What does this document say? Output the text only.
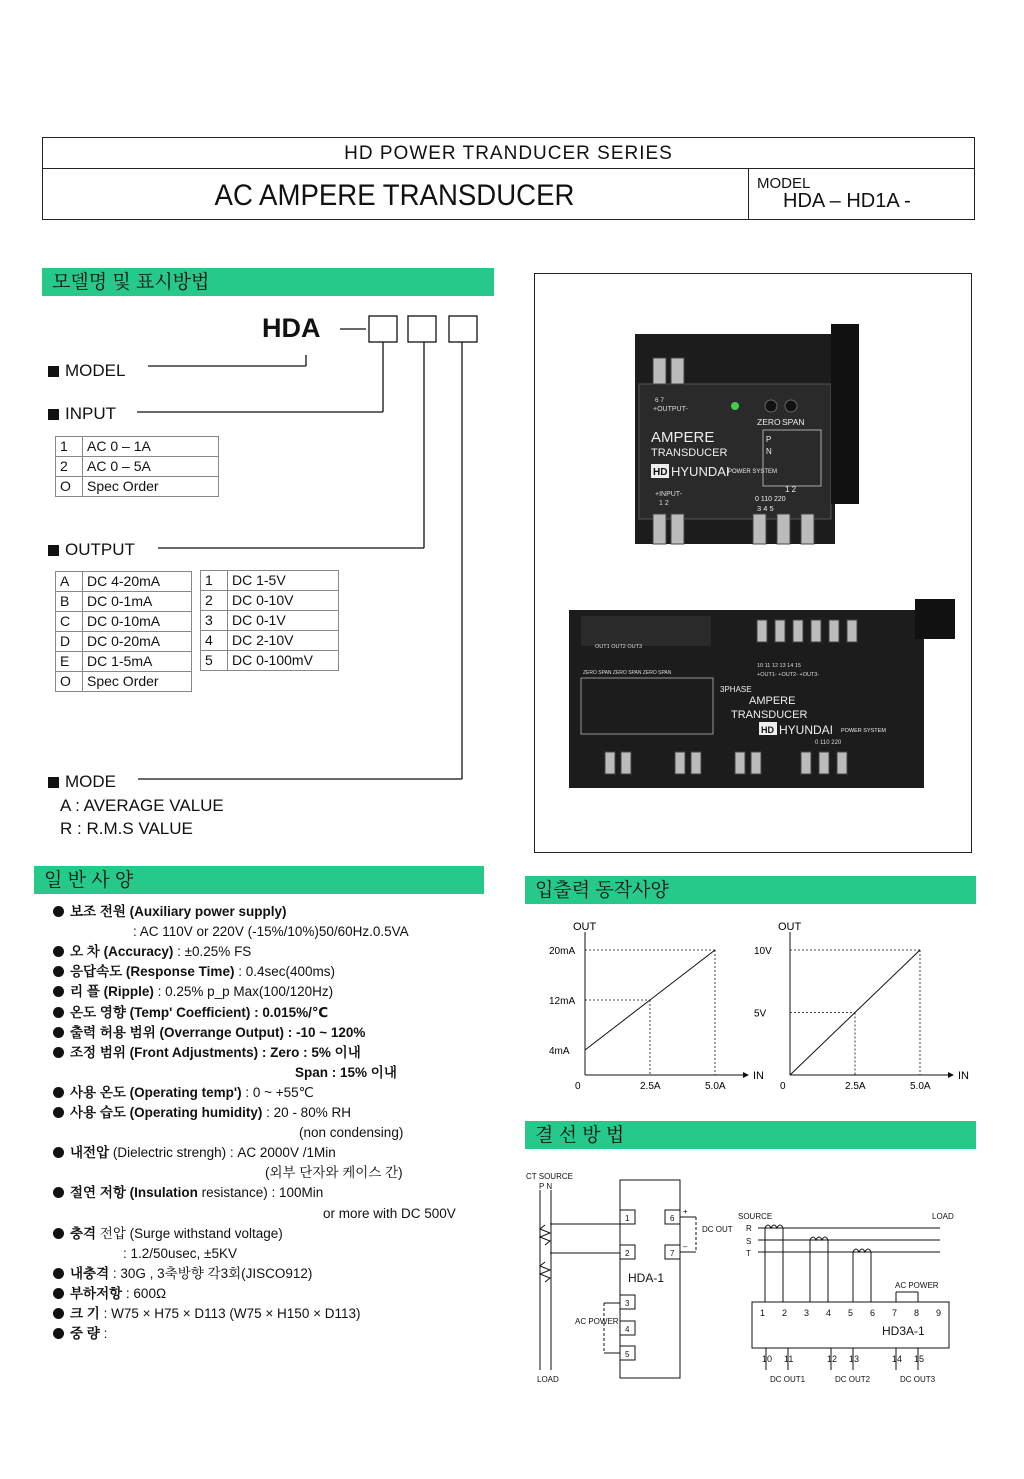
HD POWER TRANDUCER SERIES
AC AMPERE TRANSDUCER	MODEL
HDA – HD1A -
모델명 및 표시방법
HDA
MODEL
INPUT
1	AC 0 – 1A
2	AC 0 – 5A
O	Spec Order
OUTPUT
A	DC 4-20mA
B	DC 0-1mA
C	DC 0-10mA
D	DC 0-20mA
E	DC 1-5mA
O	Spec Order
1	DC 1-5V
2	DC 0-10V
3	DC 0-1V
4	DC 2-10V
5	DC 0-100mV
MODE
A : AVERAGE VALUE
R : R.M.S VALUE
6 7
+OUTPUT-
ZERO SPAN
AMPERE
TRANSDUCER
HD HYUNDAI
POWER SYSTEM
+INPUT-
1 2
P
N
1 2
0 110 220
3 4 5
OUT1 OUT2 OUT3
ZERO SPAN ZERO SPAN ZERO SPAN
3PHASE
AMPERE
TRANSDUCER
HD HYUNDAI POWER SYSTEM
10 11 12 13 14 15
+OUT1- +OUT2- +OUT3-
0 110 220
일 반 사 양
보조 전원 (Auxiliary power supply)
: AC 110V or 220V (-15%/10%)50/60Hz.0.5VA
오 차 (Accuracy) : ±0.25% FS
응답속도 (Response Time) : 0.4sec(400ms)
리 플 (Ripple) : 0.25% p_p Max(100/120Hz)
온도 영향 (Temp' Coefficient) : 0.015%/℃
출력 허용 범위 (Overrange Output) : -10 ~ 120%
조정 범위 (Front Adjustments) : Zero : 5% 이내
Span : 15% 이내
사용 온도 (Operating temp') : 0 ~ +55℃
사용 습도 (Operating humidity) : 20 - 80% RH
(non condensing)
내전압 (Dielectric strengh) : AC 2000V /1Min
(외부 단자와 케이스 간)
절연 저항 (Insulation resistance) : 100Min
or more with DC 500V
충격 전압 (Surge withstand voltage)
: 1.2/50usec, ±5KV
내충격 : 30G , 3축방향 각3회(JISCO912)
부하저항 : 600Ω
크 기 : W75 × H75 × D113 (W75 × H150 × D113)
중 량 :
입출력 동작사양
OUT
IN
0	2.5A	5.0A
4mA
12mA
20mA
OUT
IN
0	2.5A	5.0A
5V
10V
결 선 방 법
CT SOURCE
P N
LOAD
1
2
3
4
5
6
7
+
–
DC OUT
AC POWER
HDA-1
SOURCE	LOAD
R
S
T
AC POWER
HD3A-1
1 2 3 4 5 6 7 8 9
10 11	12 13	14 15
DC OUT1	DC OUT2	DC OUT3
